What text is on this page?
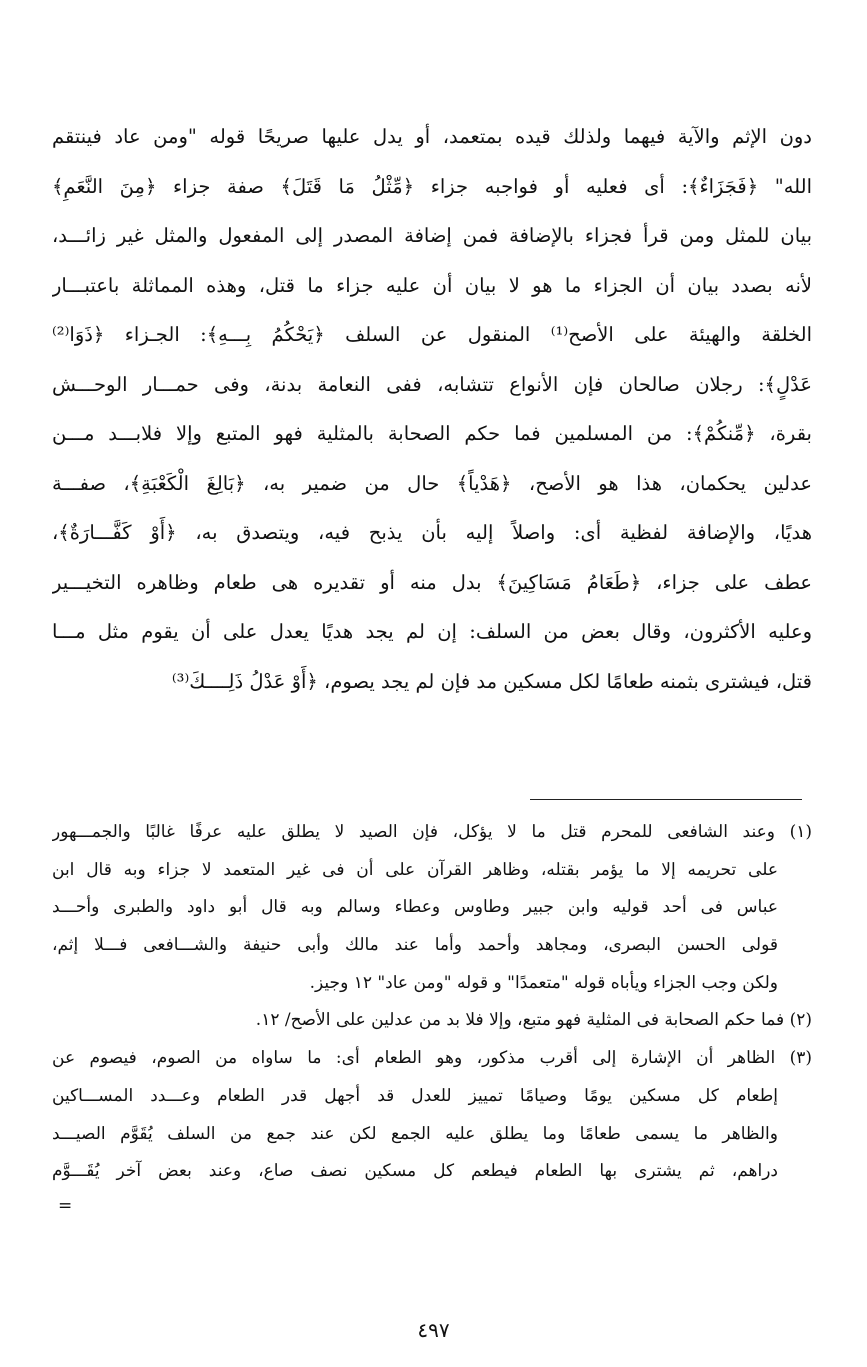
دون الإثم والآية فيهما ولذلك قيده بمتعمد، أو يدل عليها صريحًا قوله "ومن عاد فينتقم
الله" ﴿فَجَزَاءٌ﴾: أى فعليه أو فواجبه جزاء ﴿مِّثْلُ مَا قَتَلَ﴾ صفة جزاء ﴿مِنَ النَّعَمِ﴾
بيان للمثل ومن قرأ فجزاء بالإضافة فمن إضافة المصدر إلى المفعول والمثل غير زائـــد،
لأنه بصدد بيان أن الجزاء ما هو لا بيان أن عليه جزاء ما قتل، وهذه المماثلة باعتبـــار
الخلقة والهيئة على الأصح⁽¹⁾ المنقول عن السلف ﴿يَحْكُمُ بِـــهِ﴾: الجـزاء ﴿ذَوَا⁽²⁾
عَدْلٍ﴾: رجلان صالحان فإن الأنواع تتشابه، ففى النعامة بدنة، وفى حمـــار الوحـــش
بقرة، ﴿مِّنكُمْ﴾: من المسلمين فما حكم الصحابة بالمثلية فهو المتبع وإلا فلابـــد مـــن
عدلين يحكمان، هذا هو الأصح، ﴿هَدْياً﴾ حال من ضمير به، ﴿بَالِغَ الْكَعْبَةِ﴾، صفـــة
هديًا، والإضافة لفظية أى: واصلاً إليه بأن يذبح فيه، ويتصدق به، ﴿أَوْ كَفَّـــارَةٌ﴾،
عطف على جزاء، ﴿طَعَامُ مَسَاكِينَ﴾ بدل منه أو تقديره هى طعام وظاهره التخيـــير
وعليه الأكثرون، وقال بعض من السلف: إن لم يجد هديًا يعدل على أن يقوم مثل مـــا
قتل، فيشترى بثمنه طعامًا لكل مسكين مد فإن لم يجد يصوم، ﴿أَوْ عَدْلُ ذَلِــــكَ⁽³⁾
(١) وعند الشافعى للمحرم قتل ما لا يؤكل، فإن الصيد لا يطلق عليه عرفًا غالبًا والجمـــهور
على تحريمه إلا ما يؤمر بقتله، وظاهر القرآن على أن فى غير المتعمد لا جزاء وبه قال ابن
عباس فى أحد قوليه وابن جبير وطاوس وعطاء وسالم وبه قال أبو داود والطبرى وأحـــد
قولى الحسن البصرى، ومجاهد وأحمد وأما عند مالك وأبى حنيفة والشـــافعى فـــلا إثم،
ولكن وجب الجزاء ويأباه قوله "متعمدًا" و قوله "ومن عاد" ١٢ وجيز.
(٢) فما حكم الصحابة فى المثلية فهو متبع، وإلا فلا بد من عدلين على الأصح/ ١٢.
(٣) الظاهر أن الإشارة إلى أقرب مذكور، وهو الطعام أى: ما ساواه من الصوم، فيصوم عن
إطعام كل مسكين يومًا وصيامًا تمييز للعدل قد أجهل قدر الطعام وعـــدد المســـاكين
والظاهر ما يسمى طعامًا وما يطلق عليه الجمع لكن عند جمع من السلف يُقَوَّم الصيـــد
دراهم، ثم يشترى بها الطعام فيطعم كل مسكين نصف صاع، وعند بعض آخر يُقَـــوَّم
=
٤٩٧
